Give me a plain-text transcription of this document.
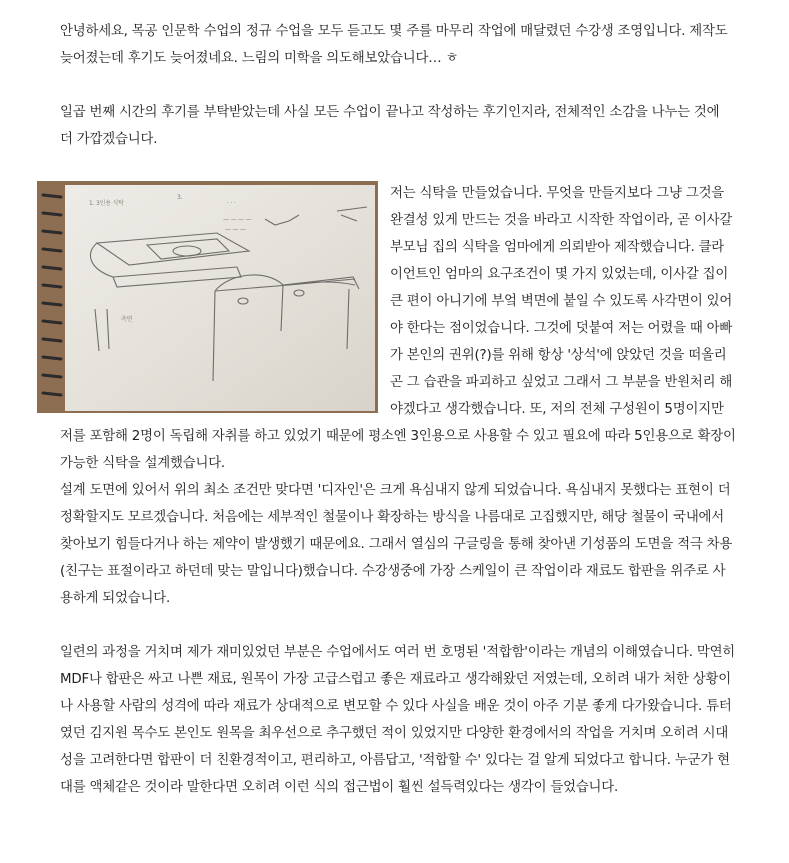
안녕하세요, 목공 인문학 수업의 정규 수업을 모두 듣고도 몇 주를 마무리 작업에 매달렸던 수강생 조영입니다. 제작도 늦어졌는데 후기도 늦어졌네요. 느림의 미학을 의도해보았습니다… ㅎ

일곱 번째 시간의 후기를 부탁받았는데 사실 모든 수업이 끝나고 작성하는 후기인지라, 전체적인 소감을 나누는 것에 더 가깝겠습니다.

1. 3인용 식탁
3.
. . .
— — — —
— — —
측면

저는 식탁을 만들었습니다. 무엇을 만들지보다 그냥 그것을 완결성 있게 만드는 것을 바라고 시작한 작업이라, 곧 이사갈 부모님 집의 식탁을 엄마에게 의뢰받아 제작했습니다. 클라이언트인 엄마의 요구조건이 몇 가지 있었는데, 이사갈 집이 큰 편이 아니기에 부엌 벽면에 붙일 수 있도록 사각면이 있어야 한다는 점이었습니다. 그것에 덧붙여 저는 어렸을 때 아빠가 본인의 권위(?)를 위해 항상 '상석'에 앉았던 것을 떠올리곤 그 습관을 파괴하고 싶었고 그래서 그 부분을 반원처리 해야겠다고 생각했습니다. 또, 저의 전체 구성원이 5명이지만 저를 포함해 2명이 독립해 자취를 하고 있었기 때문에 평소엔 3인용으로 사용할 수 있고 필요에 따라 5인용으로 확장이 가능한 식탁을 설계했습니다.

설계 도면에 있어서 위의 최소 조건만 맞다면 '디자인'은 크게 욕심내지 않게 되었습니다. 욕심내지 못했다는 표현이 더 정확할지도 모르겠습니다. 처음에는 세부적인 철물이나 확장하는 방식을 나름대로 고집했지만, 해당 철물이 국내에서 찾아보기 힘들다거나 하는 제약이 발생했기 때문에요. 그래서 열심의 구글링을 통해 찾아낸 기성품의 도면을 적극 차용(친구는 표절이라고 하던데 맞는 말입니다)했습니다. 수강생중에 가장 스케일이 큰 작업이라 재료도 합판을 위주로 사용하게 되었습니다.

일련의 과정을 거치며 제가 재미있었던 부분은 수업에서도 여러 번 호명된 '적합함'이라는 개념의 이해였습니다. 막연히 MDF나 합판은 싸고 나쁜 재료, 원목이 가장 고급스럽고 좋은 재료라고 생각해왔던 저였는데, 오히려 내가 처한 상황이나 사용할 사람의 성격에 따라 재료가 상대적으로 변모할 수 있다 사실을 배운 것이 아주 기분 좋게 다가왔습니다. 튜터였던 김지원 목수도 본인도 원목을 최우선으로 추구했던 적이 있었지만 다양한 환경에서의 작업을 거치며 오히려 시대성을 고려한다면 합판이 더 친환경적이고, 편리하고, 아름답고, '적합할 수' 있다는 걸 알게 되었다고 합니다. 누군가 현대를 액체같은 것이라 말한다면 오히려 이런 식의 접근법이 훨씬 설득력있다는 생각이 들었습니다.
